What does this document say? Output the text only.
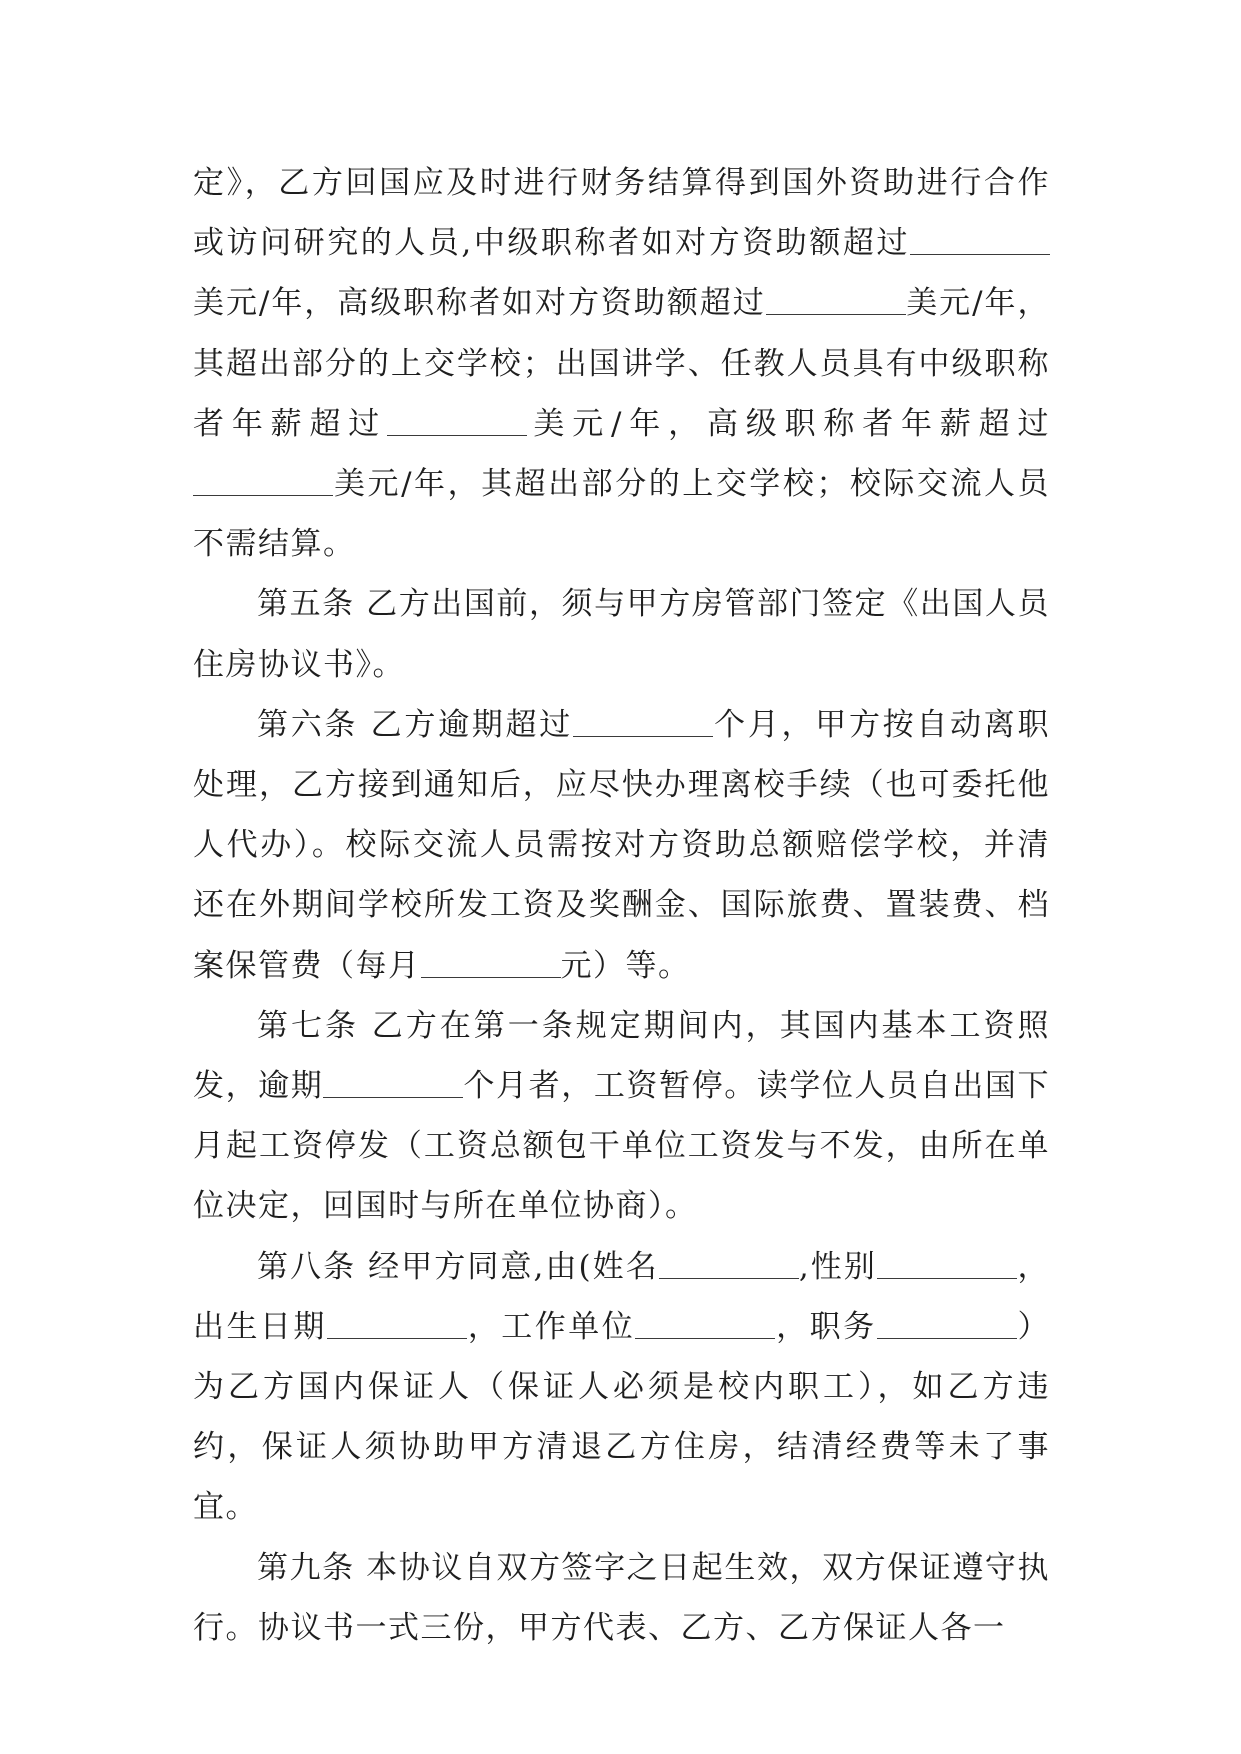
定》，乙方回国应及时进行财务结算得到国外资助进行合作或访问研究的人员,中级职称者如对方资助额超过美元/年，高级职称者如对方资助额超过	美元/年，其超出部分的上交学校；出国讲学、任教人员具有中级职称者年薪超过	美元/年，高级职称者年薪超过美元/年，其超出部分的上交学校；校际交流人员不需结算。

第五条 乙方出国前，须与甲方房管部门签定《出国人员住房协议书》。

第六条 乙方逾期超过	个月，甲方按自动离职处理，乙方接到通知后，应尽快办理离校手续（也可委托他人代办）。校际交流人员需按对方资助总额赔偿学校，并清还在外期间学校所发工资及奖酬金、国际旅费、置装费、档案保管费（每月	元）等。

第七条 乙方在第一条规定期间内，其国内基本工资照发，逾期	个月者，工资暂停。读学位人员自出国下月起工资停发（工资总额包干单位工资发与不发，由所在单位决定，回国时与所在单位协商）。

第八条 经甲方同意,由(姓名	,性别	，出生日期	，工作单位	，职务	）为乙方国内保证人（保证人必须是校内职工），如乙方违约，保证人须协助甲方清退乙方住房，结清经费等未了事宜。

第九条 本协议自双方签字之日起生效，双方保证遵守执行。协议书一式三份，甲方代表、乙方、乙方保证人各一
